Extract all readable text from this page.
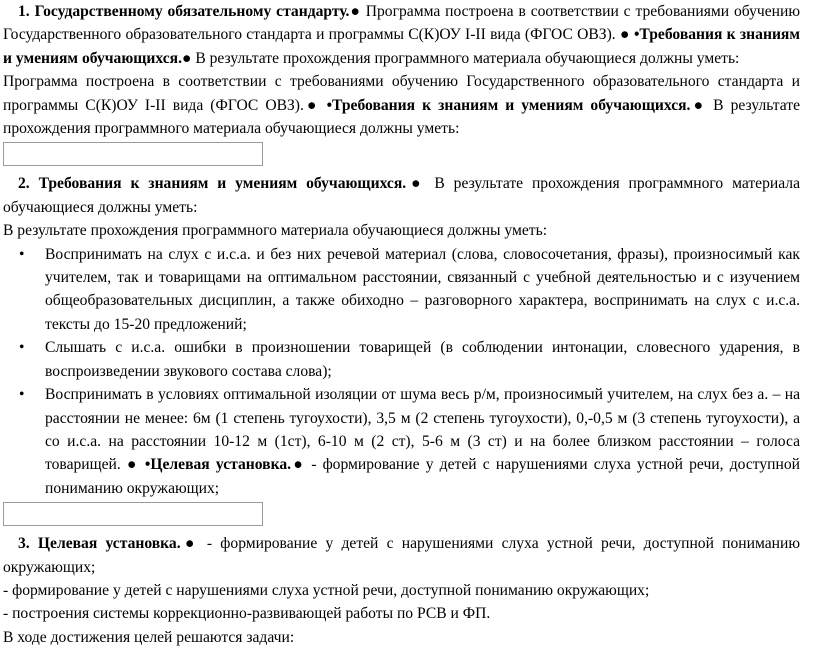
1. Государственному обязательному стандарту.● Программа построена в соответствии с требованиями обучению Государственного образовательного стандарта и программы С(К)ОУ I-II вида (ФГОС ОВЗ). ● •Требования к знаниям и умениям обучающихся.● В результате прохождения программного материала обучающиеся должны уметь:

Программа построена в соответствии с требованиями обучению Государственного образовательного стандарта и программы С(К)ОУ I-II вида (ФГОС ОВЗ).● •Требования к знаниям и умениям обучающихся.● В результате прохождения программного материала обучающиеся должны уметь:

2. Требования к знаниям и умениям обучающихся.● В результате прохождения программного материала обучающиеся должны уметь:

В результате прохождения программного материала обучающиеся должны уметь:

• Воспринимать на слух с и.с.а. и без них речевой материал (слова, словосочетания, фразы), произносимый как учителем, так и товарищами на оптимальном расстоянии, связанный с учебной деятельностью и с изучением общеобразовательных дисциплин, а также обиходно – разговорного характера, воспринимать на слух с и.с.а. тексты до 15-20 предложений;
• Слышать с и.с.а. ошибки в произношении товарищей (в соблюдении интонации, словесного ударения, в воспроизведении звукового состава слова);
• Воспринимать в условиях оптимальной изоляции от шума весь р/м, произносимый учителем, на слух без а. – на расстоянии не менее: 6м (1 степень тугоухости), 3,5 м (2 степень тугоухости), 0,-0,5 м (3 степень тугоухости), а со и.с.а. на расстоянии 10-12 м (1ст), 6-10 м (2 ст), 5-6 м (3 ст) и на более близком расстоянии – голоса товарищей. ● •Целевая установка.● - формирование у детей с нарушениями слуха устной речи, доступной пониманию окружающих;

3. Целевая установка.● - формирование у детей с нарушениями слуха устной речи, доступной пониманию окружающих;

- формирование у детей с нарушениями слуха устной речи, доступной пониманию окружающих;

- построения системы коррекционно-развивающей работы по РСВ и ФП.

В ходе достижения целей решаются задачи:
